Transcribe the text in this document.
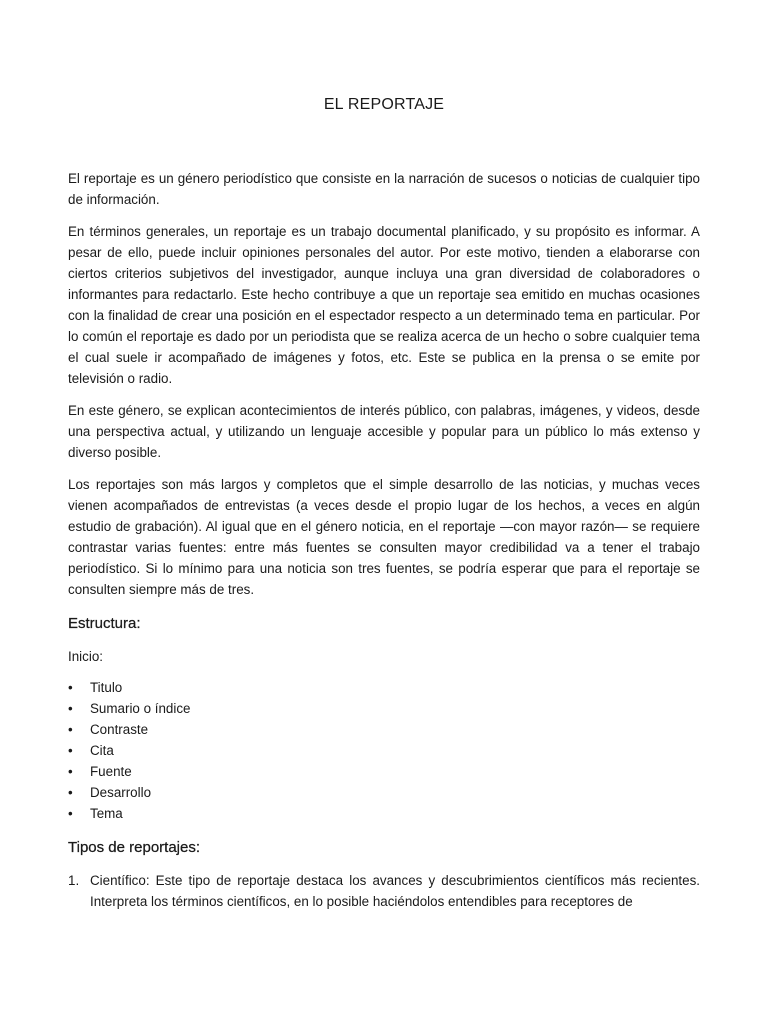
EL REPORTAJE

El reportaje es un género periodístico que consiste en la narración de sucesos o noticias de cualquier tipo de información.

En términos generales, un reportaje es un trabajo documental planificado, y su propósito es informar. A pesar de ello, puede incluir opiniones personales del autor. Por este motivo, tienden a elaborarse con ciertos criterios subjetivos del investigador, aunque incluya una gran diversidad de colaboradores o informantes para redactarlo. Este hecho contribuye a que un reportaje sea emitido en muchas ocasiones con la finalidad de crear una posición en el espectador respecto a un determinado tema en particular. Por lo común el reportaje es dado por un periodista que se realiza acerca de un hecho o sobre cualquier tema el cual suele ir acompañado de imágenes y fotos, etc. Este se publica en la prensa o se emite por televisión o radio.

En este género, se explican acontecimientos de interés público, con palabras, imágenes, y videos, desde una perspectiva actual, y utilizando un lenguaje accesible y popular para un público lo más extenso y diverso posible.

Los reportajes son más largos y completos que el simple desarrollo de las noticias, y muchas veces vienen acompañados de entrevistas (a veces desde el propio lugar de los hechos, a veces en algún estudio de grabación). Al igual que en el género noticia, en el reportaje —con mayor razón— se requiere contrastar varias fuentes: entre más fuentes se consulten mayor credibilidad va a tener el trabajo periodístico. Si lo mínimo para una noticia son tres fuentes, se podría esperar que para el reportaje se consulten siempre más de tres.

Estructura:

Inicio:

•	Titulo
•	Sumario o índice
•	Contraste
•	Cita
•	Fuente
•	Desarrollo
•	Tema
Tipos de reportajes:
1. Científico: Este tipo de reportaje destaca los avances y descubrimientos científicos más recientes. Interpreta los términos científicos, en lo posible haciéndolos entendibles para receptores de
